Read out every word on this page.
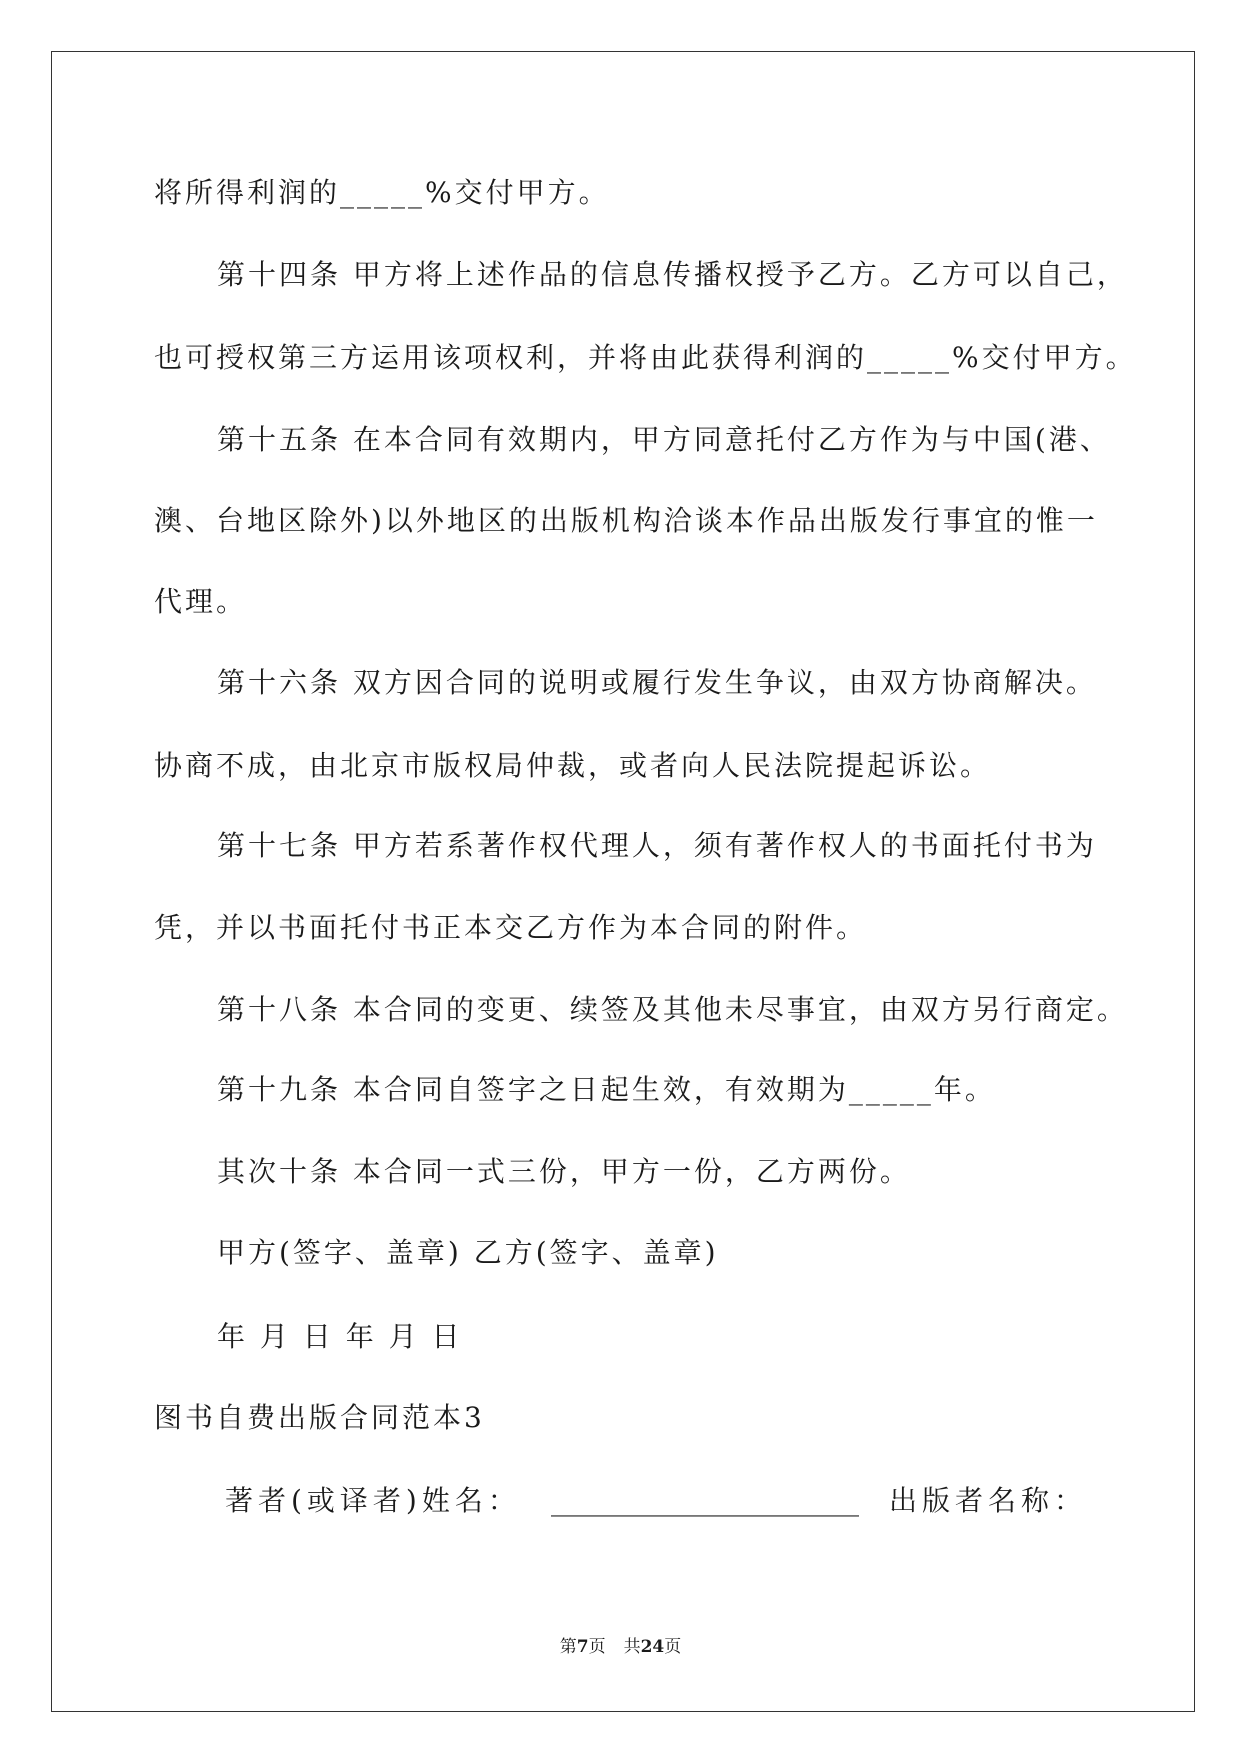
将所得利润的_____%交付甲方。
第十四条 甲方将上述作品的信息传播权授予乙方。乙方可以自己，
也可授权第三方运用该项权利，并将由此获得利润的_____%交付甲方。
第十五条 在本合同有效期内，甲方同意托付乙方作为与中国(港、
澳、台地区除外)以外地区的出版机构洽谈本作品出版发行事宜的惟一
代理。
第十六条 双方因合同的说明或履行发生争议，由双方协商解决。
协商不成，由北京市版权局仲裁，或者向人民法院提起诉讼。
第十七条 甲方若系著作权代理人，须有著作权人的书面托付书为
凭，并以书面托付书正本交乙方作为本合同的附件。
第十八条 本合同的变更、续签及其他未尽事宜，由双方另行商定。
第十九条 本合同自签字之日起生效，有效期为_____年。
其次十条 本合同一式三份，甲方一份，乙方两份。
甲方(签字、盖章) 乙方(签字、盖章)
年 月 日 年 月 日
图书自费出版合同范本3
著者(或译者)姓名： ______________________ 出版者名称：
第7页 共24页
